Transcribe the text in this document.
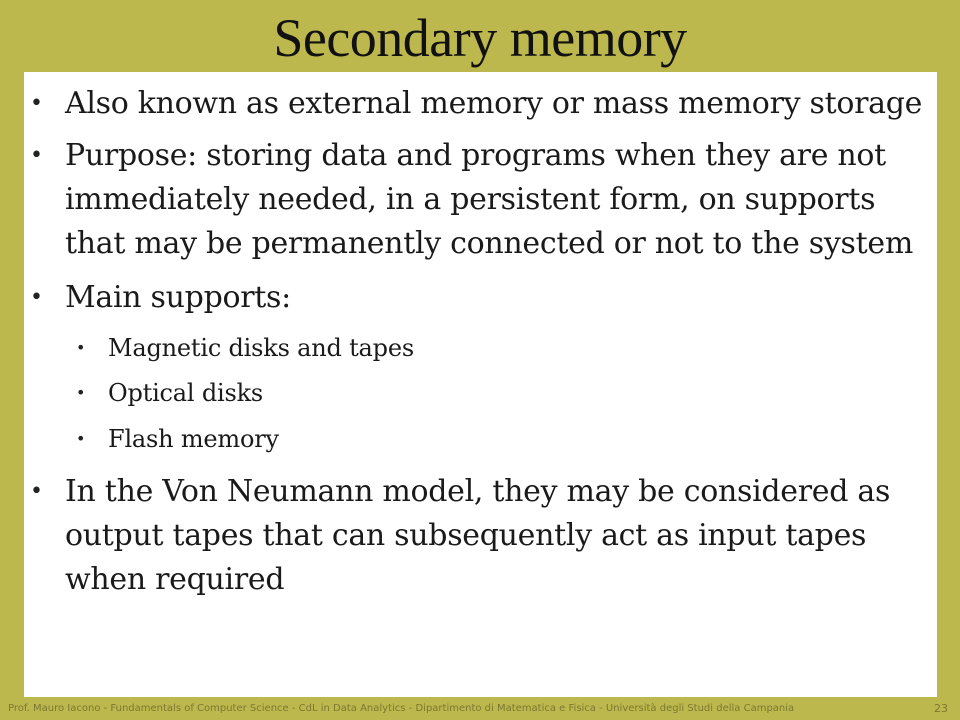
Secondary memory
• Also known as external memory or mass memory storage
• Purpose: storing data and programs when they are not immediately needed, in a persistent form, on supports that may be permanently connected or not to the system
• Main supports:
• Magnetic disks and tapes
• Optical disks
• Flash memory
• In the Von Neumann model, they may be considered as output tapes that can subsequently act as input tapes when required
Prof. Mauro Iacono - Fundamentals of Computer Science - CdL in Data Analytics - Dipartimento di Matematica e Fisica - Università degli Studi della Campania	23
